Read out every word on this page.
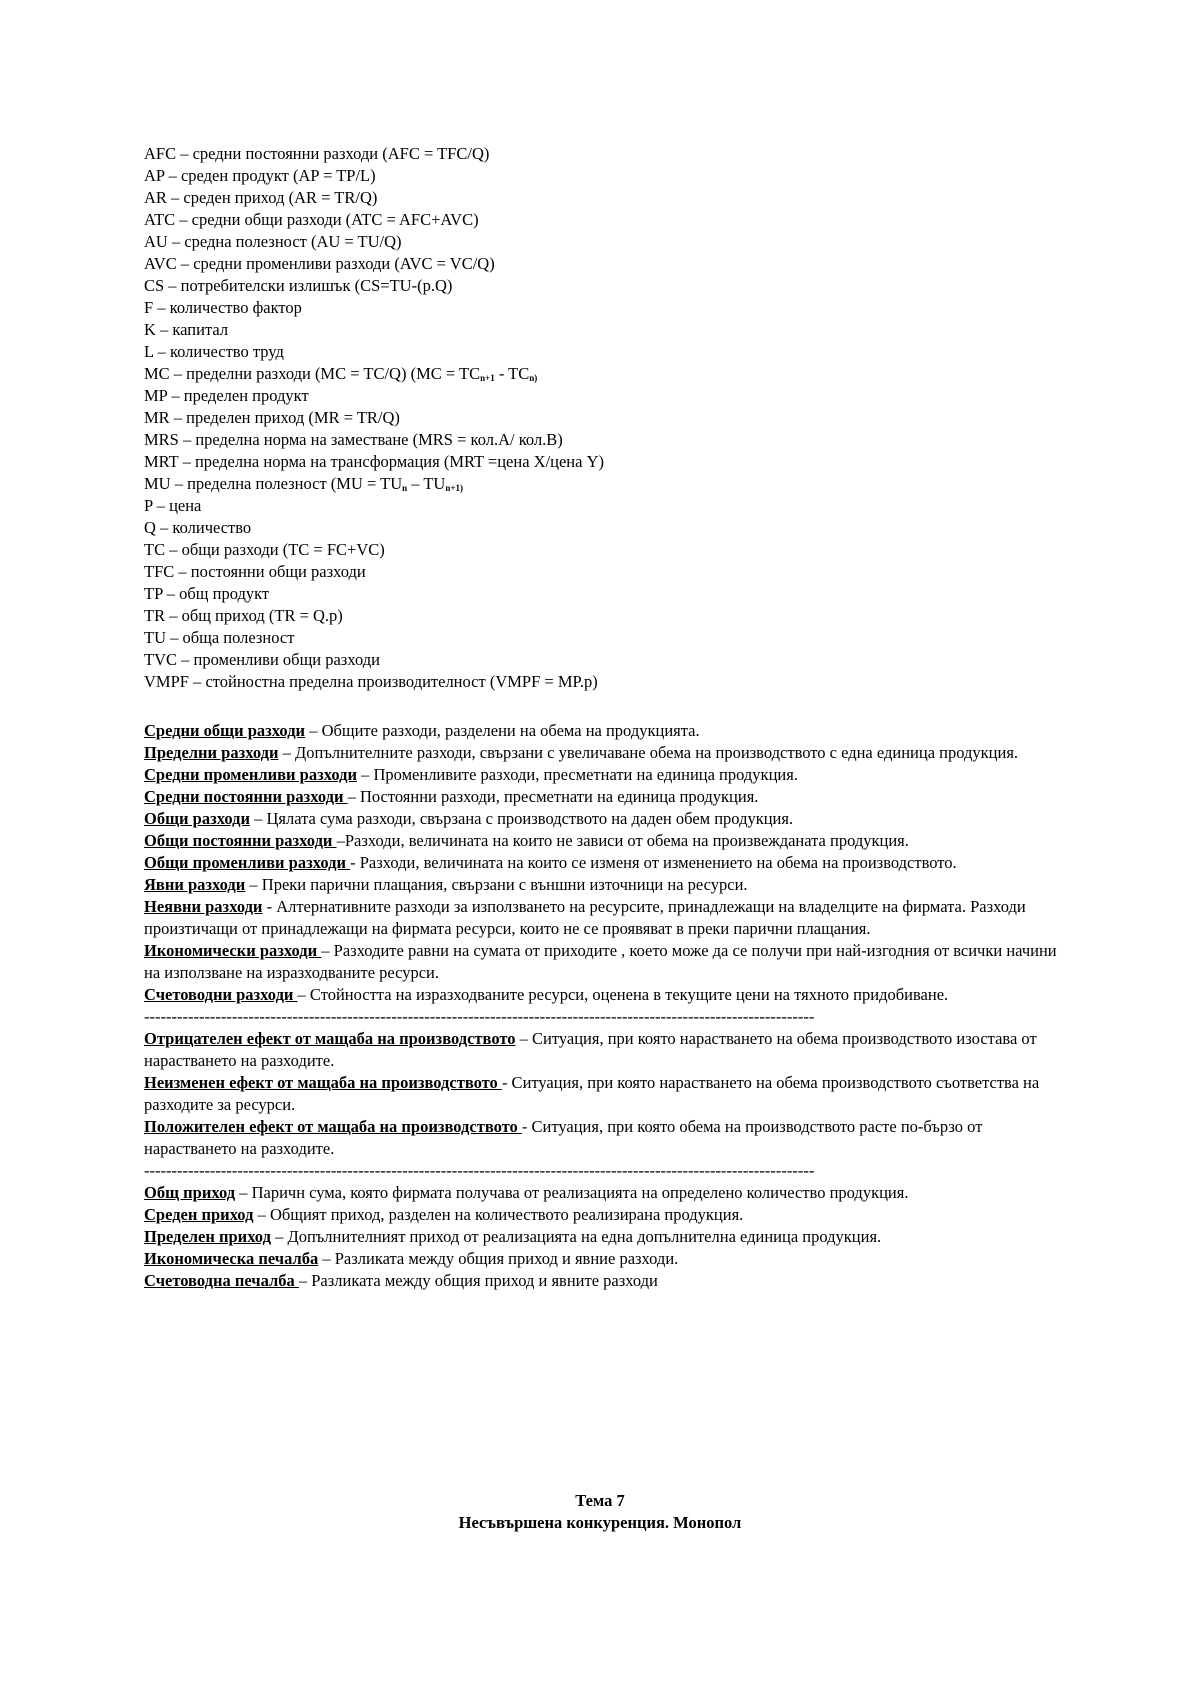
AFC – средни постоянни разходи (AFC = TFC/Q)
AP – среден продукт (AP = TP/L)
AR – среден приход (AR = TR/Q)
ATC – средни общи разходи (ATC = AFC+AVC)
AU – средна полезност (AU = TU/Q)
AVC – средни променливи разходи (AVC = VC/Q)
CS – потребителски излишък (CS=TU-(p.Q)
F – количество фактор
K – капитал
L – количество труд
MC – пределни разходи (MC = TC/Q) ($MC = TC_{n+1} - TC_{n)}$
MP – пределен продукт
MR – пределен приход (MR = TR/Q)
MRS – пределна норма на заместване (MRS = кол.A/ кол.B)
MRT – пределна норма на трансформация (MRT =цена X/цена Y)
MU – пределна полезност ($MU = TU_n - TU_{n+1)}$
P – цена
Q – количество
TC – общи разходи (TC = FC+VC)
TFC – постоянни общи разходи
TP – общ продукт
TR – общ приход (TR = Q.p)
TU – обща полезност
TVC – променливи общи разходи
VMPF – стойностна пределна производителност (VMPF = MP.p)
Средни общи разходи – Общите разходи, разделени на обема на продукцията.
Пределни разходи – Допълнителните разходи, свързани с увеличаване обема на производството с една единица продукция.
Средни променливи разходи – Променливите разходи, пресметнати на единица продукция.
Средни постоянни разходи – Постоянни разходи, пресметнати на единица продукция.
Общи разходи – Цялата сума разходи, свързана с производството на даден обем продукция.
Общи постоянни разходи –Разходи, величината на които не зависи от обема на произвежданата продукция.
Общи променливи разходи - Разходи, величината на които се изменя от изменението на обема на производството.
Явни разходи – Преки парични плащания, свързани с външни източници на ресурси.
Неявни разходи - Алтернативните разходи за използването на ресурсите, принадлежащи на владелците на фирмата. Разходи произтичащи от принадлежащи на фирмата ресурси, които не се проявяват в преки парични плащания.
Икономически разходи – Разходите равни на сумата от приходите , което може да се получи при най-изгодния от всички начини на използване на изразходваните ресурси.
Счетоводни разходи – Стойността на изразходваните ресурси, оценена в текущите цени на тяхното придобиване.
--------------------------------------------------------------------------------------------------------------------------
Отрицателен ефект от мащаба на производството – Ситуация, при която нарастването на обема производството изостава от нарастването на разходите.
Неизменен ефект от мащаба на производството - Ситуация, при която нарастването на обема производството съответства на разходите за ресурси.
Положителен ефект от мащаба на производството - Ситуация, при която обема на производството расте по-бързо от нарастването на разходите.
--------------------------------------------------------------------------------------------------------------------------
Общ приход – Паричн сума, която фирмата получава от реализацията на определено количество продукция.
Среден приход – Общият приход, разделен на количеството реализирана продукция.
Пределен приход – Допълнителният приход от реализацията на една допълнителна единица продукция.
Икономическа печалба – Разликата между общия приход и явние разходи.
Счетоводна печалба – Разликата между общия приход и явните разходи
Тема 7
Несъвършена конкуренция. Монопол
